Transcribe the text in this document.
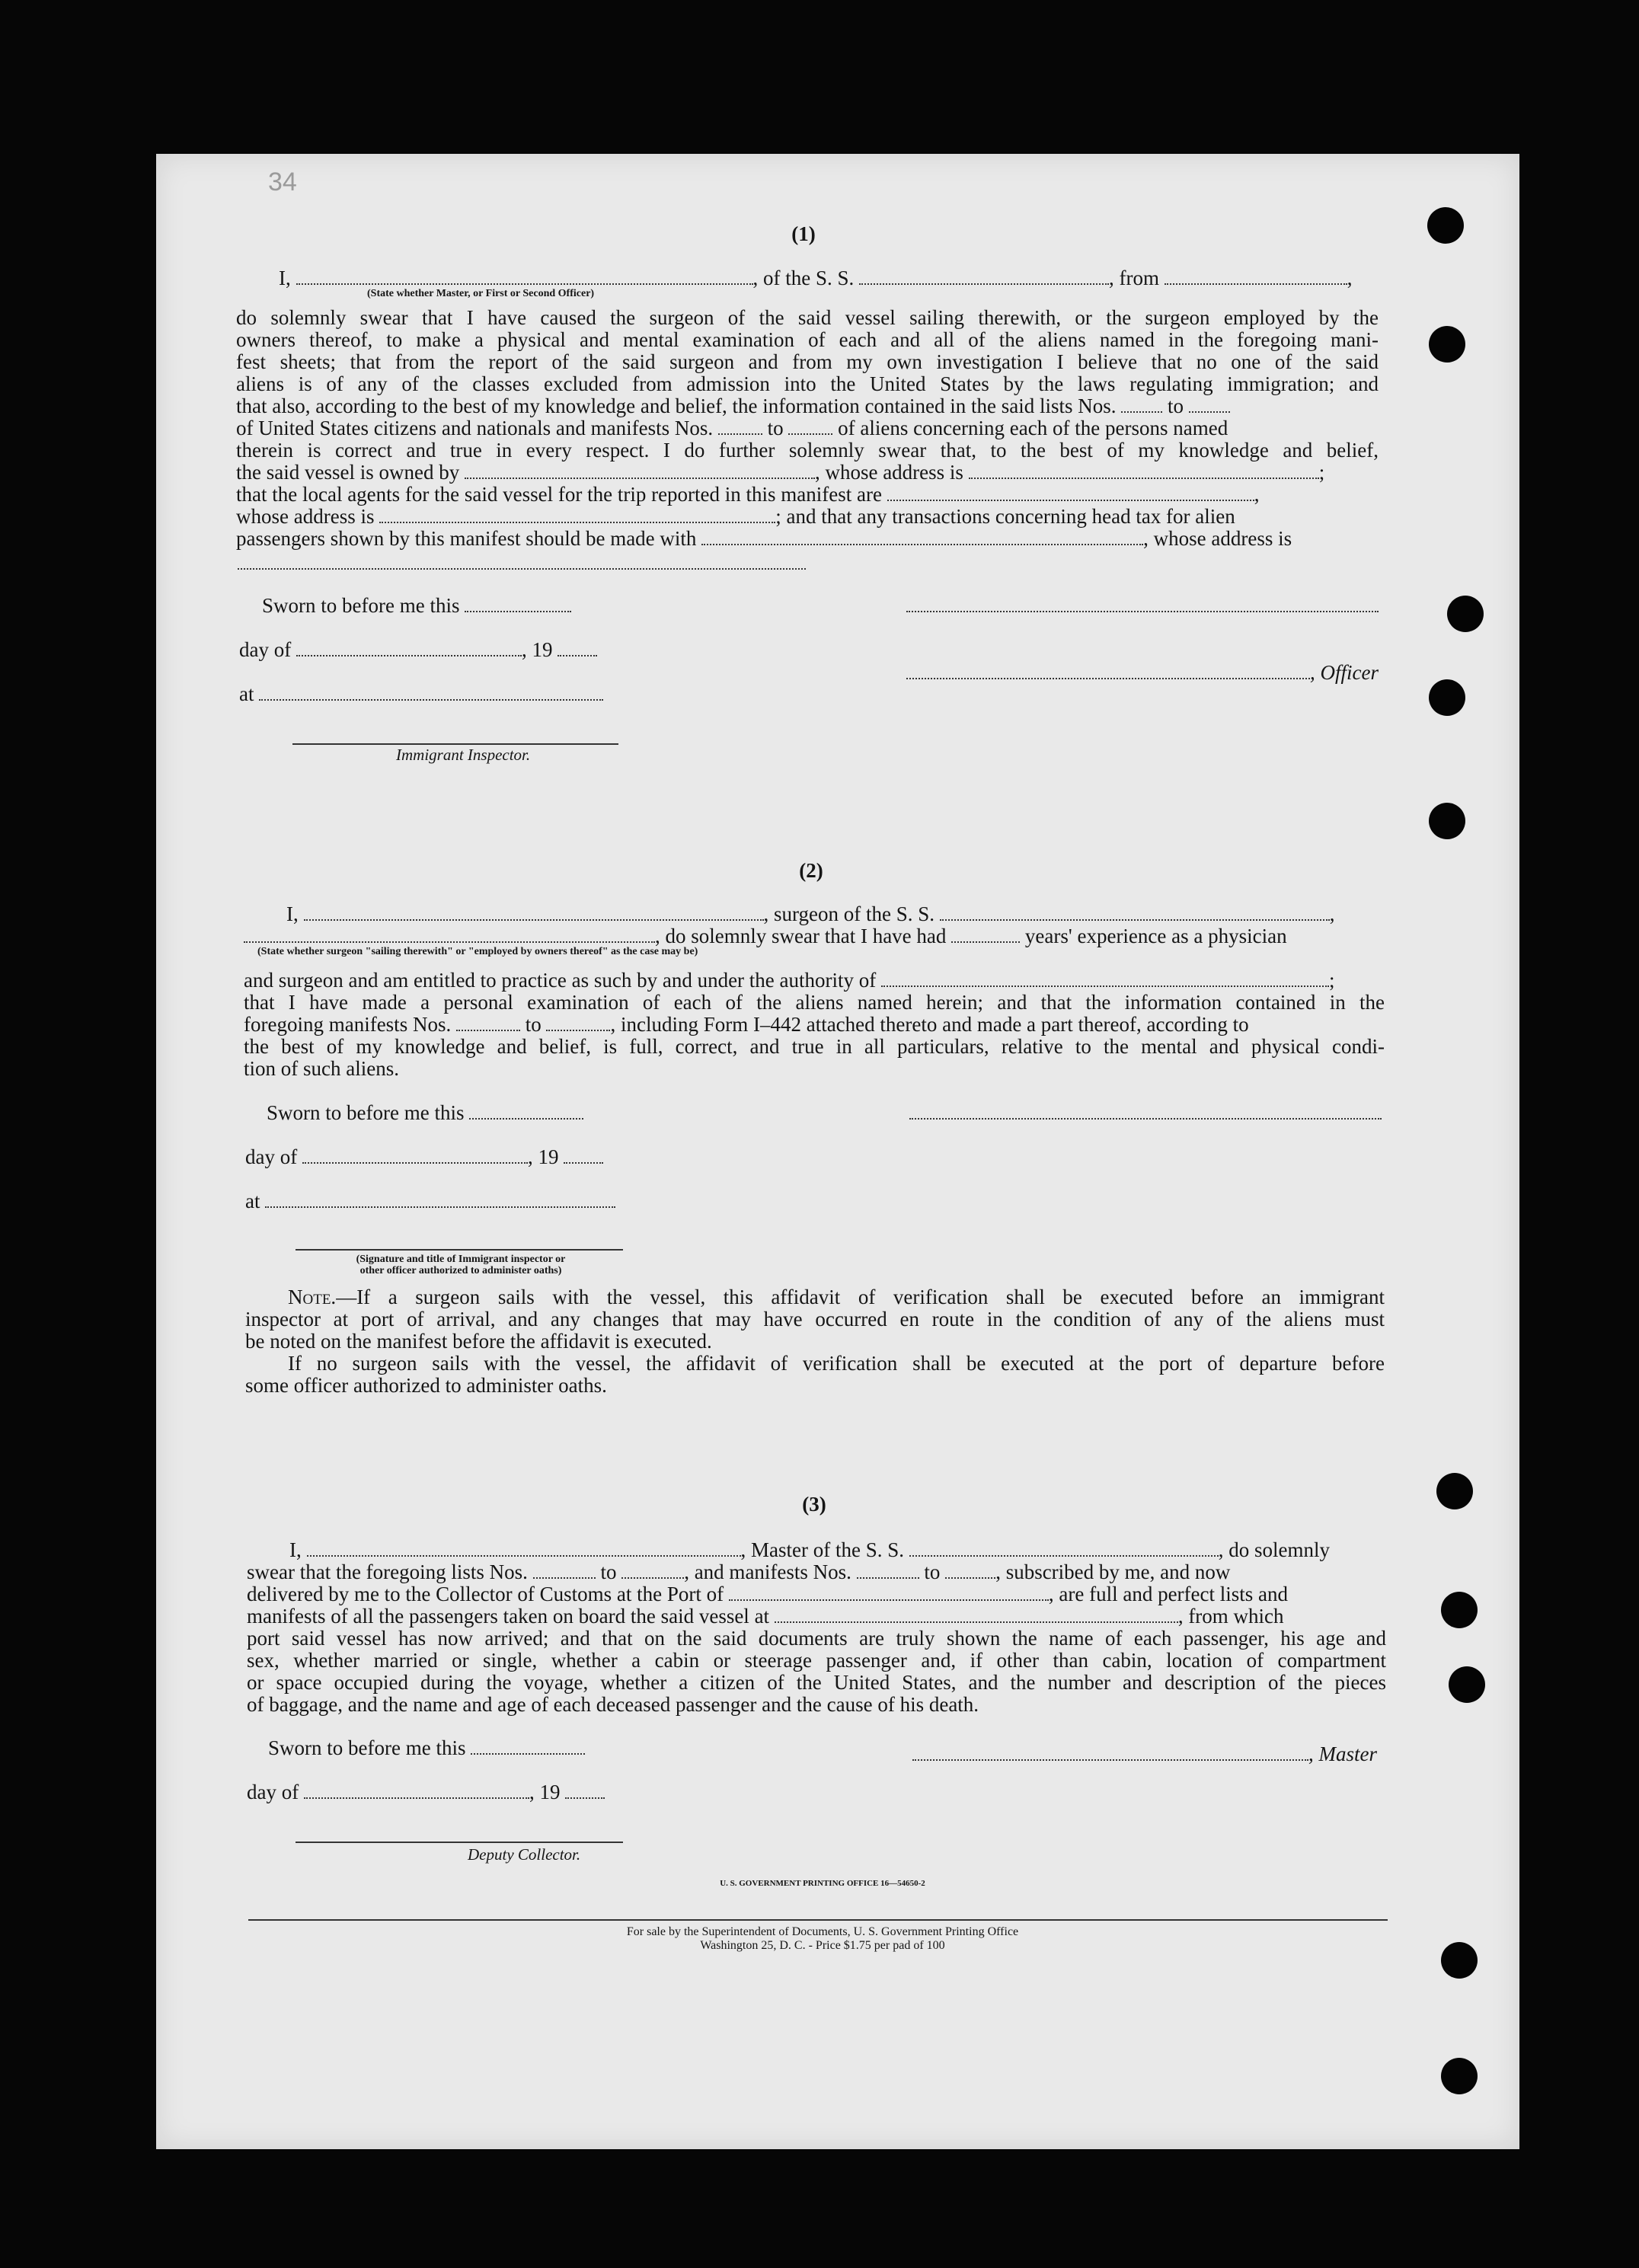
34
(1)
I,	, of the S. S.	, from	,
(State whether Master, or First or Second Officer)
do solemnly swear that I have caused the surgeon of the said vessel sailing therewith, or the surgeon employed by the
owners thereof, to make a physical and mental examination of each and all of the aliens named in the foregoing mani-
fest sheets; that from the report of the said surgeon and from my own investigation I believe that no one of the said
aliens is of any of the classes excluded from admission into the United States by the laws regulating immigration; and
that also, according to the best of my knowledge and belief, the information contained in the said lists Nos.	to
of United States citizens and nationals and manifests Nos.	to	of aliens concerning each of the persons named
therein is correct and true in every respect. I do further solemnly swear that, to the best of my knowledge and belief,
the said vessel is owned by	, whose address is	;
that the local agents for the said vessel for the trip reported in this manifest are	,
whose address is	; and that any transactions concerning head tax for alien
passengers shown by this manifest should be made with	, whose address is
Sworn to before me this
day of	, 19
, Officer
at
Immigrant Inspector.
(2)
I,	, surgeon of the S. S.	,
, do solemnly swear that I have had	years' experience as a physician
(State whether surgeon "sailing therewith" or "employed by owners thereof" as the case may be)
and surgeon and am entitled to practice as such by and under the authority of	;
that I have made a personal examination of each of the aliens named herein; and that the information contained in the
foregoing manifests Nos.	to	, including Form I–442 attached thereto and made a part thereof, according to
the best of my knowledge and belief, is full, correct, and true in all particulars, relative to the mental and physical condi-
tion of such aliens.
Sworn to before me this
day of	, 19
at
(Signature and title of Immigrant inspector or
other officer authorized to administer oaths)
Note.—If a surgeon sails with the vessel, this affidavit of verification shall be executed before an immigrant
inspector at port of arrival, and any changes that may have occurred en route in the condition of any of the aliens must
be noted on the manifest before the affidavit is executed.
If no surgeon sails with the vessel, the affidavit of verification shall be executed at the port of departure before
some officer authorized to administer oaths.
(3)
I,	, Master of the S. S.	, do solemnly
swear that the foregoing lists Nos.	to	, and manifests Nos.	to	, subscribed by me, and now
delivered by me to the Collector of Customs at the Port of	, are full and perfect lists and
manifests of all the passengers taken on board the said vessel at	, from which
port said vessel has now arrived; and that on the said documents are truly shown the name of each passenger, his age and
sex, whether married or single, whether a cabin or steerage passenger and, if other than cabin, location of compartment
or space occupied during the voyage, whether a citizen of the United States, and the number and description of the pieces
of baggage, and the name and age of each deceased passenger and the cause of his death.
Sworn to before me this	, Master
day of	, 19
Deputy Collector.
U. S. GOVERNMENT PRINTING OFFICE 16—54650-2
For sale by the Superintendent of Documents, U. S. Government Printing Office
Washington 25, D. C. - Price $1.75 per pad of 100
